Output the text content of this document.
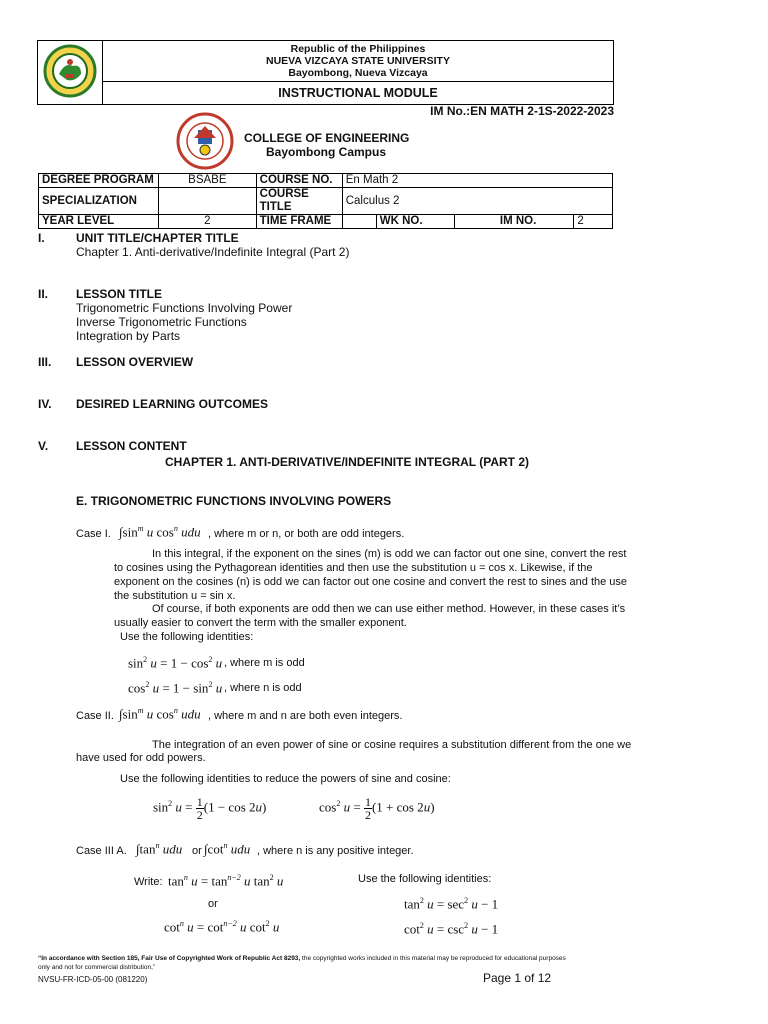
Republic of the Philippines
NUEVA VIZCAYA STATE UNIVERSITY
Bayombong, Nueva Vizcaya

INSTRUCTIONAL MODULE
IM No.:EN MATH 2-1S-2022-2023
COLLEGE OF ENGINEERING
Bayombong Campus
DEGREE PROGRAM	BSABE	COURSE NO.	En Math 2			
SPECIALIZATION		COURSE TITLE	Calculus 2			
YEAR LEVEL	2	TIME FRAME		WK NO.	IM NO.	2
I.	UNIT TITLE/CHAPTER TITLE
Chapter 1. Anti-derivative/Indefinite Integral (Part 2)
II. LESSON TITLE
Trigonometric Functions Involving Power
Inverse Trigonometric Functions
Integration by Parts
III. LESSON OVERVIEW
IV. DESIRED LEARNING OUTCOMES
V. LESSON CONTENT
CHAPTER 1. ANTI-DERIVATIVE/INDEFINITE INTEGRAL (PART 2)
E. TRIGONOMETRIC FUNCTIONS INVOLVING POWERS
Case I. $\int\sin^m$ u $\cos^n$ udu , where m or n, or both are odd integers.
In this integral, if the exponent on the sines (m) is odd we can factor out one sine, convert the rest
to cosines using the Pythagorean identities and then use the substitution u = cos x. Likewise, if the
exponent on the cosines (n) is odd we can factor out one cosine and convert the rest to sines and the use
the substitution u = sin x.
Of course, if both exponents are odd then we can use either method. However, in these cases it’s
usually easier to convert the term with the smaller exponent.
Use the following identities:
$\sin^2 u = 1 - \cos^2 u$ , where m is odd
$\cos^2 u = 1 - \sin^2 u$ , where n is odd
Case II. $\int\sin^m$ u $\cos^n$ udu , where m and n are both even integers.
The integration of an even power of sine or cosine requires a substitution different from the one we
have used for odd powers.
Use the following identities to reduce the powers of sine and cosine:
$\sin^2 u = \frac{1}{2} (1 - \cos 2u)$	$\cos^2 u = \frac{1}{2} (1 + \cos 2u)$
Case III A. $\int\tan^n$ udu or $\int\cot^n$ udu , where n is any positive integer.
Write: $\tan^n u = \tan^{n-2} u$ $\tan^2 u$
or
$\cot^n u = \cot^{n-2} u$ $\cot^2 u$
Use the following identities:
$\tan^2 u = \sec^2 u - 1$
$\cot^2 u = \csc^2 u - 1$
“In accordance with Section 185, Fair Use of Copyrighted Work of Republic Act 8293, the copyrighted works included in this material may be reproduced for educational purposes
only and not for commercial distribution,”
NVSU-FR-ICD-05-00 (081220)	Page 1 of 12
